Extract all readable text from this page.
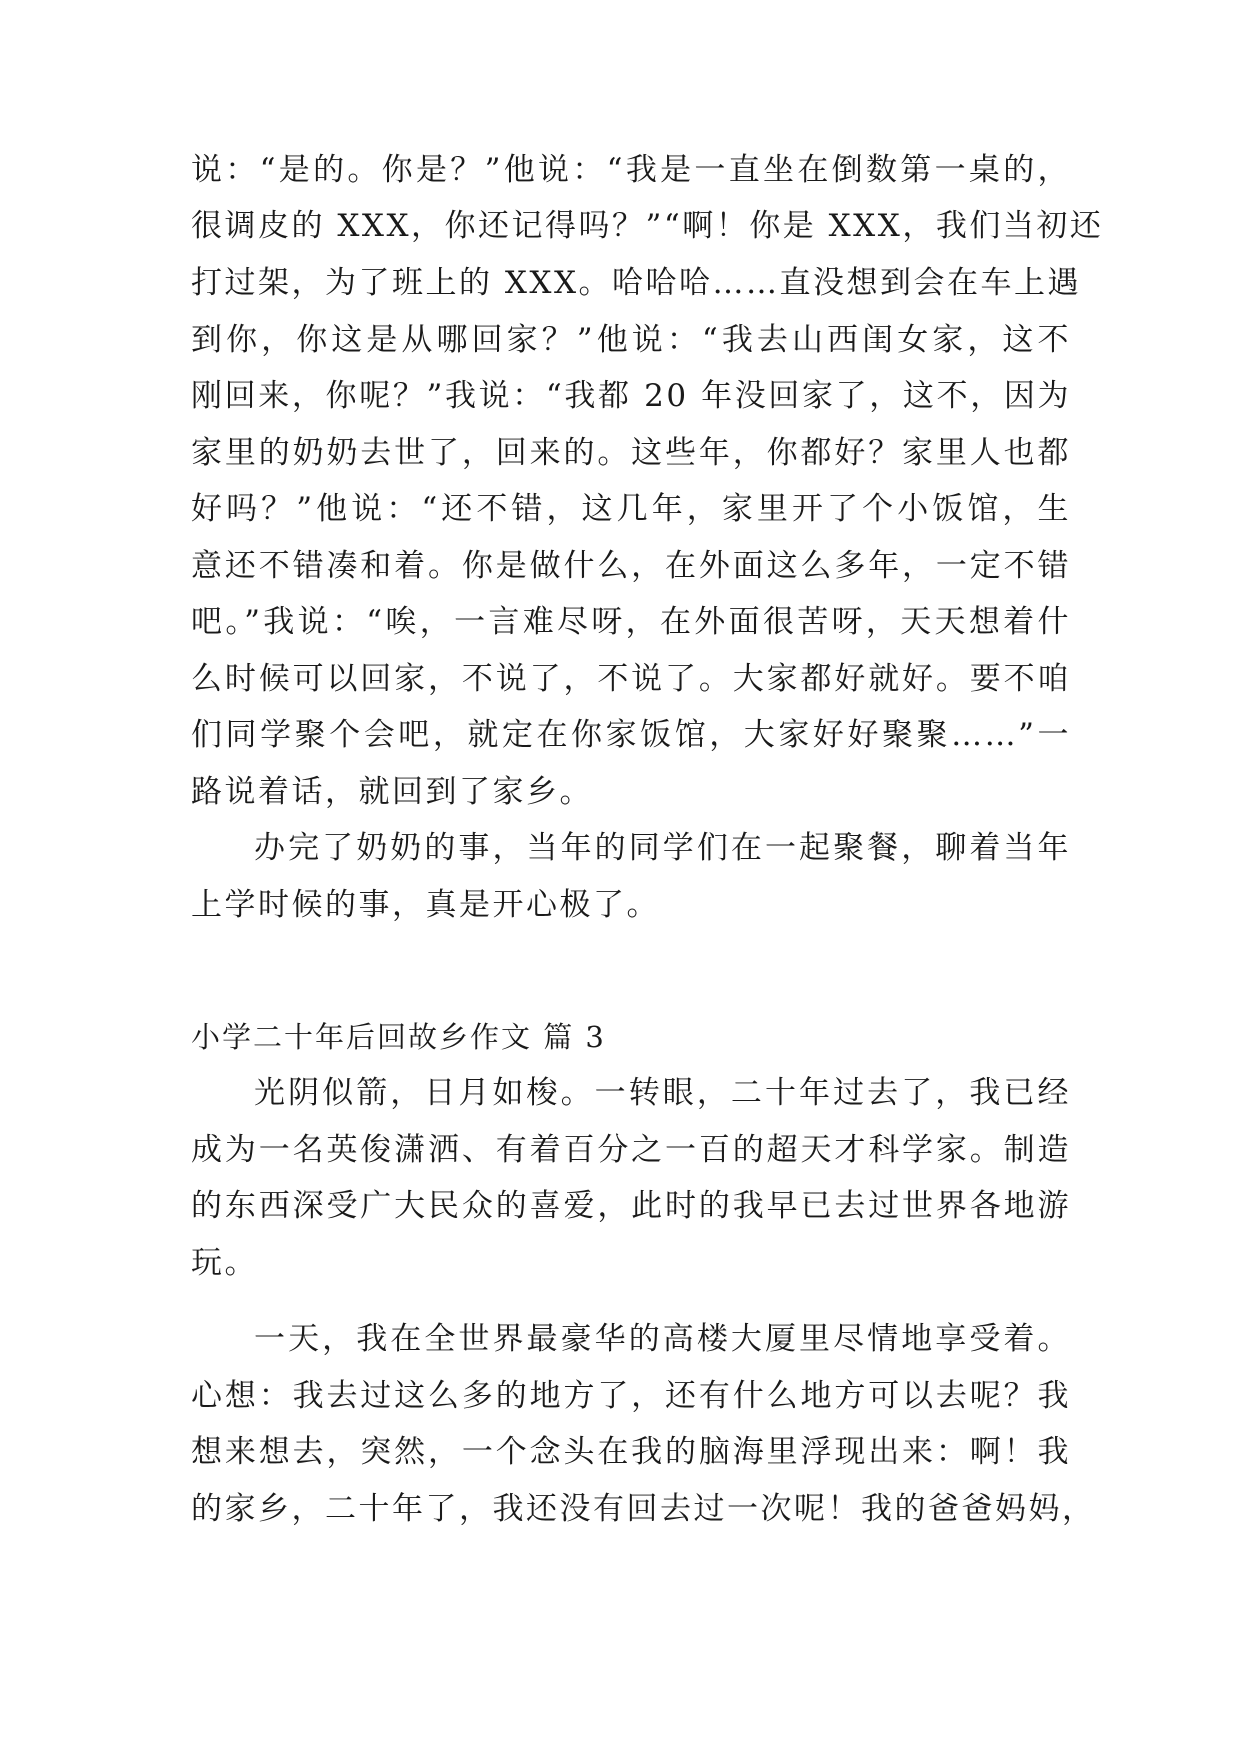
说：“是的。你是？”他说：“我是一直坐在倒数第一桌的，
很调皮的 XXX，你还记得吗？”“啊！你是 XXX，我们当初还
打过架，为了班上的 XXX。哈哈哈……直没想到会在车上遇
到你，你这是从哪回家？”他说：“我去山西闺女家，这不
刚回来，你呢？”我说：“我都 20 年没回家了，这不，因为
家里的奶奶去世了，回来的。这些年，你都好？家里人也都
好吗？”他说：“还不错，这几年，家里开了个小饭馆，生
意还不错凑和着。你是做什么，在外面这么多年，一定不错
吧。”我说：“唉，一言难尽呀，在外面很苦呀，天天想着什
么时候可以回家，不说了，不说了。大家都好就好。要不咱
们同学聚个会吧，就定在你家饭馆，大家好好聚聚……”一
路说着话，就回到了家乡。
办完了奶奶的事，当年的同学们在一起聚餐，聊着当年
上学时候的事，真是开心极了。
小学二十年后回故乡作文 篇 3
光阴似箭，日月如梭。一转眼，二十年过去了，我已经
成为一名英俊潇洒、有着百分之一百的超天才科学家。制造
的东西深受广大民众的喜爱，此时的我早已去过世界各地游
玩。
一天，我在全世界最豪华的高楼大厦里尽情地享受着。
心想：我去过这么多的地方了，还有什么地方可以去呢？我
想来想去，突然，一个念头在我的脑海里浮现出来：啊！我
的家乡，二十年了，我还没有回去过一次呢！我的爸爸妈妈，
